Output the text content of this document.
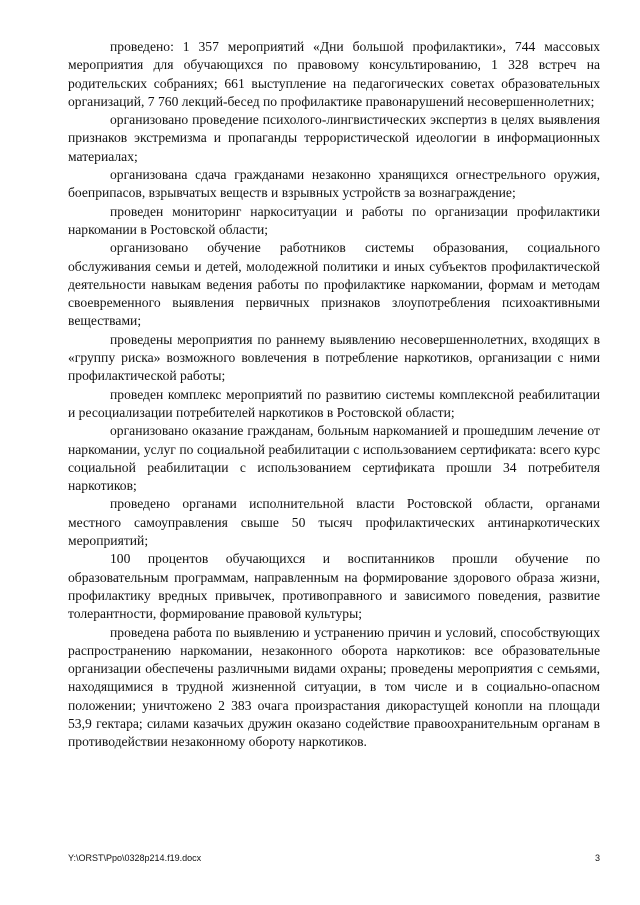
проведено: 1 357 мероприятий «Дни большой профилактики», 744 массовых мероприятия для обучающихся по правовому консультированию, 1 328 встреч на родительских собраниях; 661 выступление на педагогических советах образовательных организаций, 7 760 лекций-бесед по профилактике правонарушений несовершеннолетних;

организовано проведение психолого-лингвистических экспертиз в целях выявления признаков экстремизма и пропаганды террористической идеологии в информационных материалах;

организована сдача гражданами незаконно хранящихся огнестрельного оружия, боеприпасов, взрывчатых веществ и взрывных устройств за вознаграждение;

проведен мониторинг наркоситуации и работы по организации профилактики наркомании в Ростовской области;

организовано обучение работников системы образования, социального обслуживания семьи и детей, молодежной политики и иных субъектов профилактической деятельности навыкам ведения работы по профилактике наркомании, формам и методам своевременного выявления первичных признаков злоупотребления психоактивными веществами;

проведены мероприятия по раннему выявлению несовершеннолетних, входящих в «группу риска» возможного вовлечения в потребление наркотиков, организации с ними профилактической работы;

проведен комплекс мероприятий по развитию системы комплексной реабилитации и ресоциализации потребителей наркотиков в Ростовской области;

организовано оказание гражданам, больным наркоманией и прошедшим лечение от наркомании, услуг по социальной реабилитации с использованием сертификата: всего курс социальной реабилитации с использованием сертификата прошли 34 потребителя наркотиков;

проведено органами исполнительной власти Ростовской области, органами местного самоуправления свыше 50 тысяч профилактических антинаркотических мероприятий;

100 процентов обучающихся и воспитанников прошли обучение по образовательным программам, направленным на формирование здорового образа жизни, профилактику вредных привычек, противоправного и зависимого поведения, развитие толерантности, формирование правовой культуры;

проведена работа по выявлению и устранению причин и условий, способствующих распространению наркомании, незаконного оборота наркотиков: все образовательные организации обеспечены различными видами охраны; проведены мероприятия с семьями, находящимися в трудной жизненной ситуации, в том числе и в социально-опасном положении; уничтожено 2 383 очага произрастания дикорастущей конопли на площади 53,9 гектара; силами казачьих дружин оказано содействие правоохранительным органам в противодействии незаконному обороту наркотиков.

Y:\ORST\Ppo\0328p214.f19.docx	3
